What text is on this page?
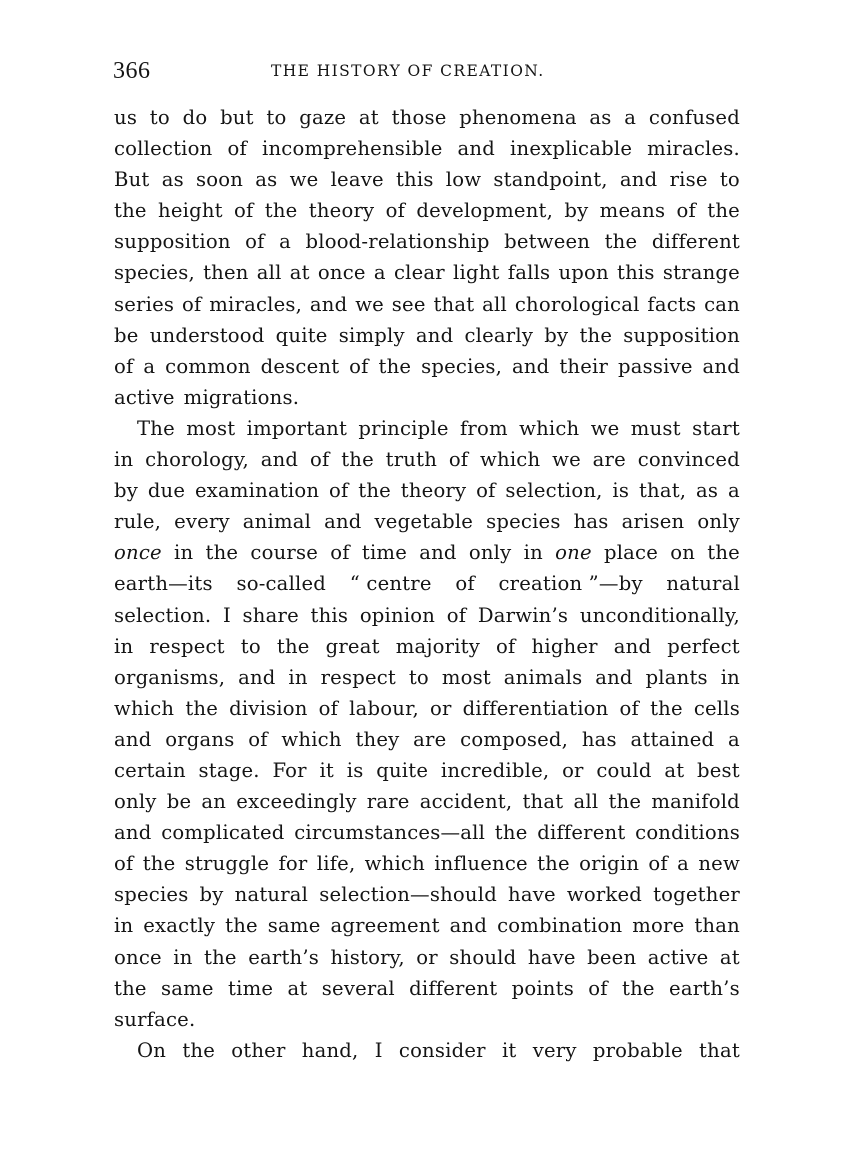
366	THE HISTORY OF CREATION.
us to do but to gaze at those phenomena as a confused
collection of incomprehensible and inexplicable miracles.
But as soon as we leave this low standpoint, and rise to
the height of the theory of development, by means of the
supposition of a blood-relationship between the different
species, then all at once a clear light falls upon this strange
series of miracles, and we see that all chorological facts can
be understood quite simply and clearly by the supposition
of a common descent of the species, and their passive and
active migrations.
The most important principle from which we must start
in chorology, and of the truth of which we are convinced
by due examination of the theory of selection, is that, as a
rule, every animal and vegetable species has arisen only
once in the course of time and only in one place on the
earth—its so-called “ centre of creation ”—by natural
selection. I share this opinion of Darwin’s unconditionally,
in respect to the great majority of higher and perfect
organisms, and in respect to most animals and plants in
which the division of labour, or differentiation of the cells
and organs of which they are composed, has attained a
certain stage. For it is quite incredible, or could at best
only be an exceedingly rare accident, that all the manifold
and complicated circumstances—all the different conditions
of the struggle for life, which influence the origin of a new
species by natural selection—should have worked together
in exactly the same agreement and combination more than
once in the earth’s history, or should have been active at
the same time at several different points of the earth’s
surface.
On the other hand, I consider it very probable that
